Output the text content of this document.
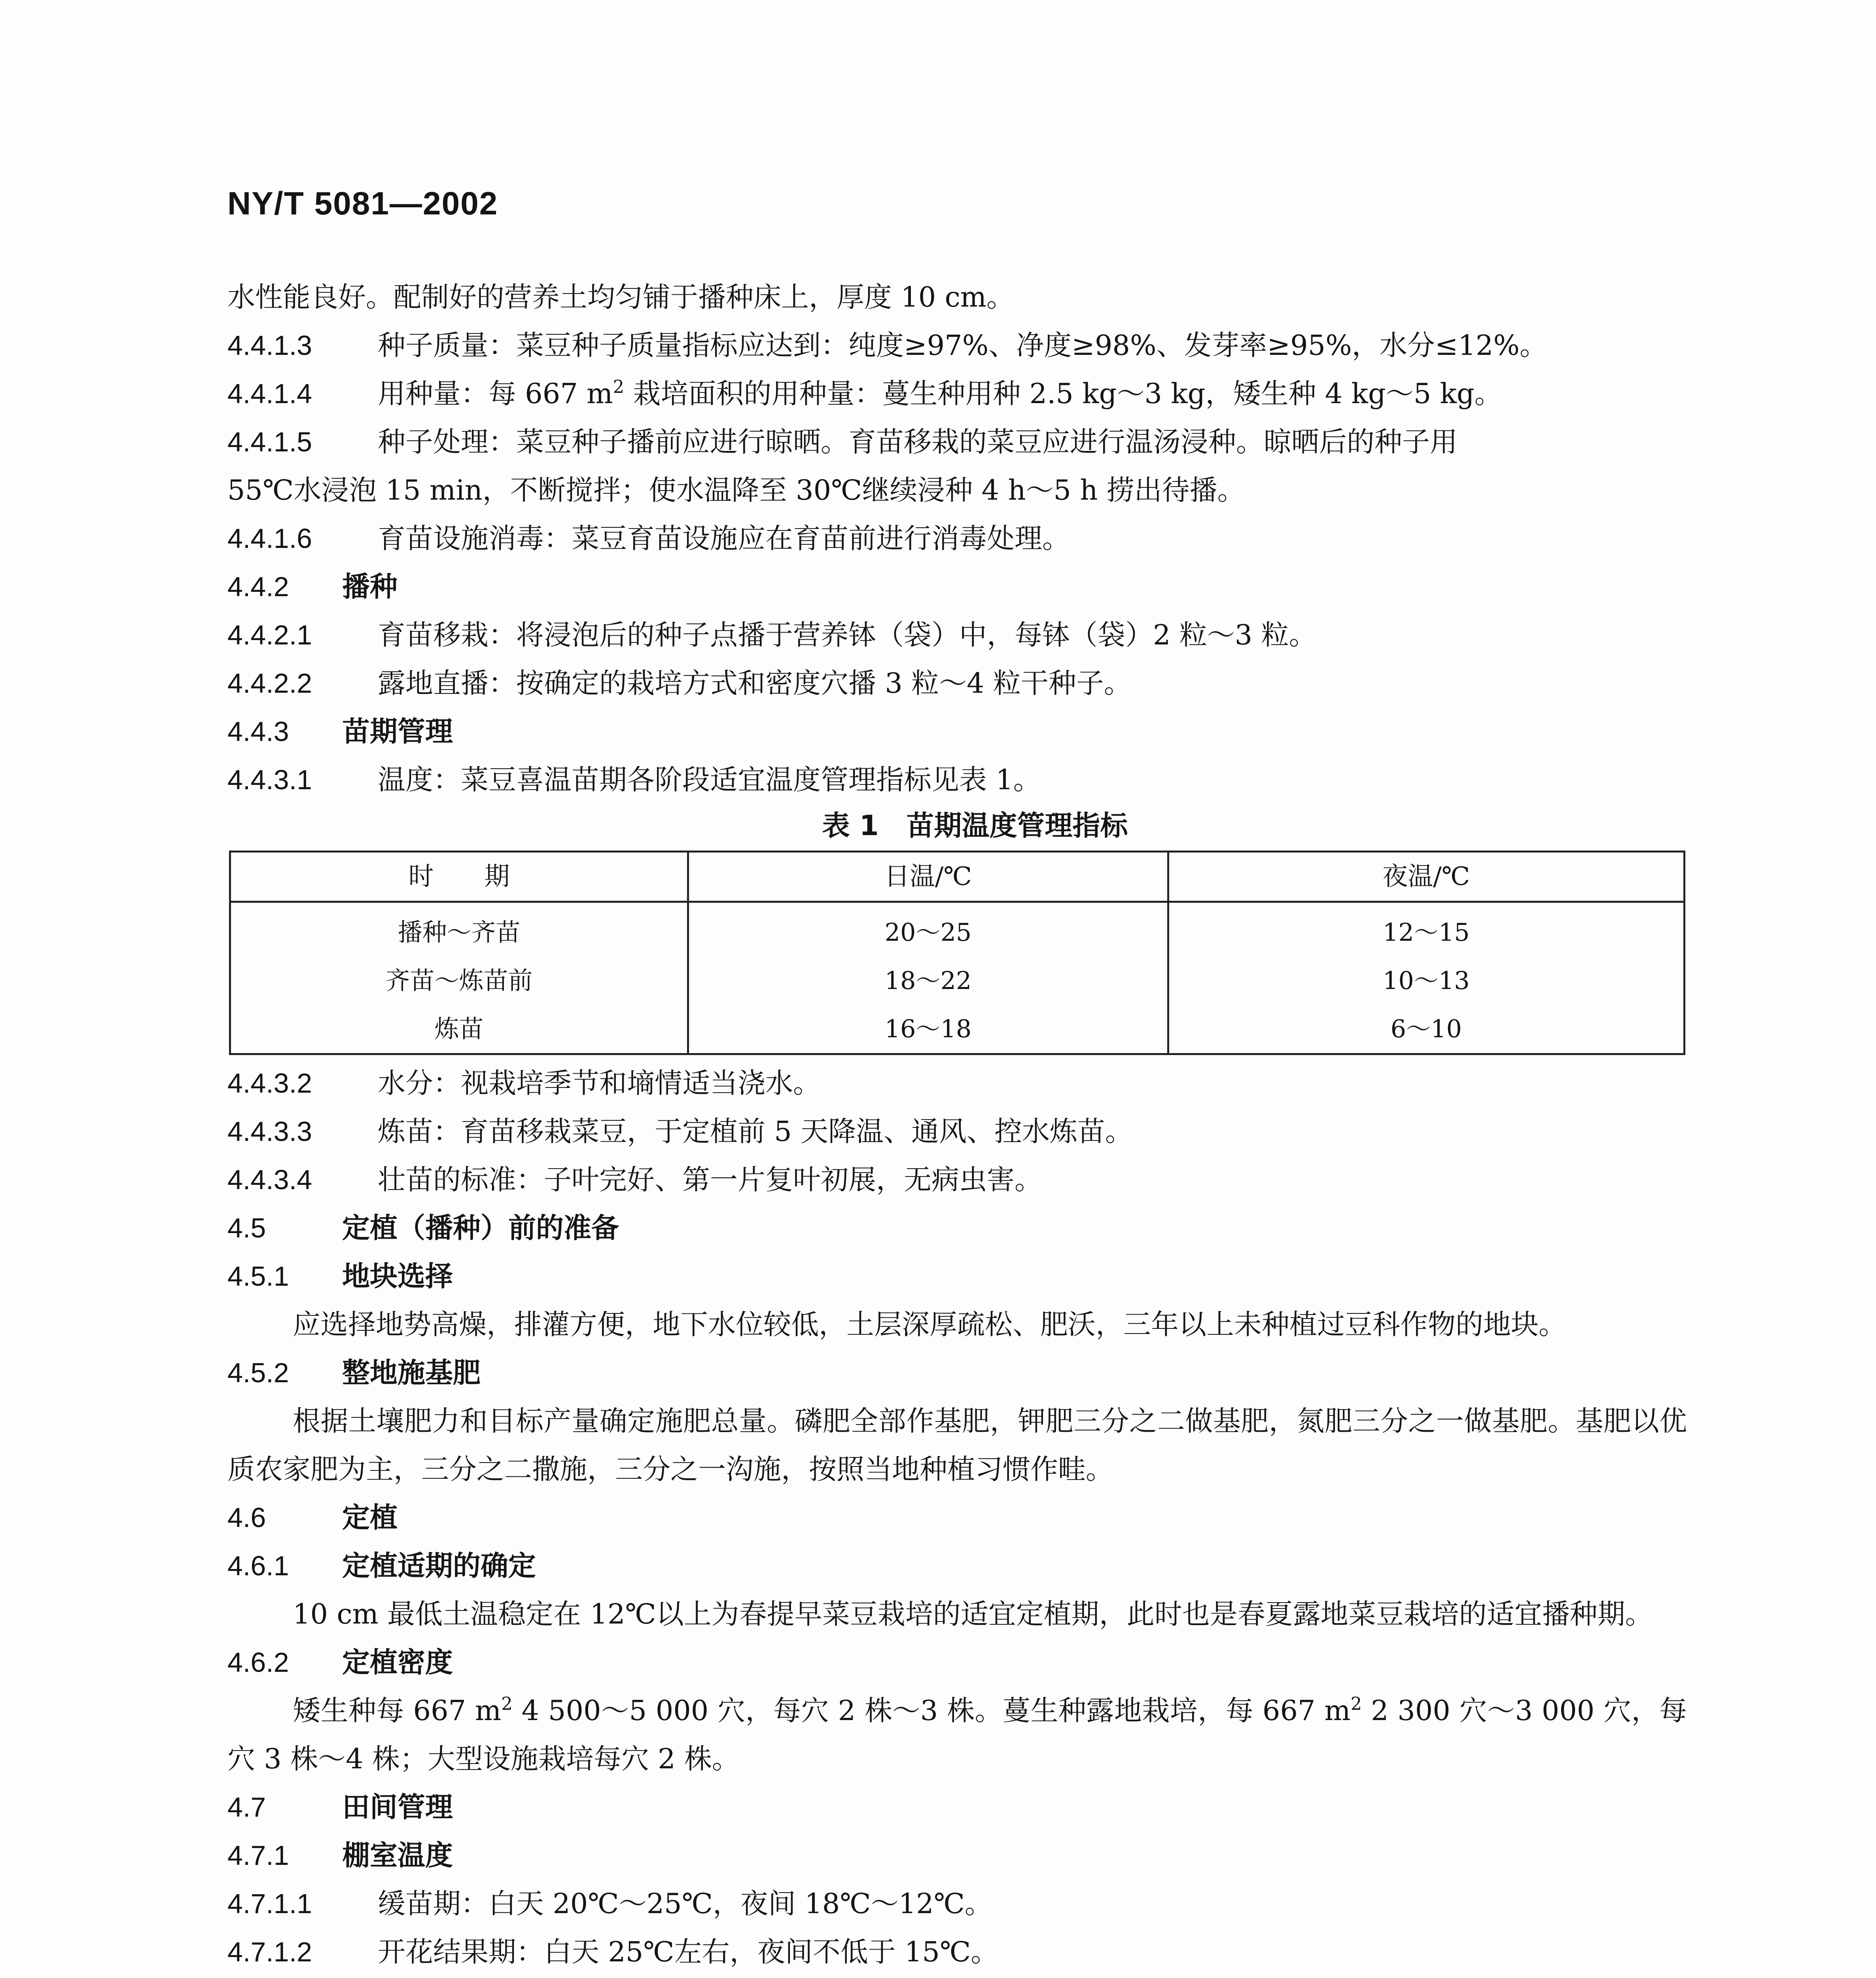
NY/T 5081—2002
水性能良好。配制好的营养土均匀铺于播种床上，厚度 10 cm。
4.4.1.3 种子质量：菜豆种子质量指标应达到：纯度≥97%、净度≥98%、发芽率≥95%，水分≤12%。
4.4.1.4 用种量：每 667 $m^2$ 栽培面积的用种量：蔓生种用种 2.5 kg～3 kg，矮生种 4 kg～5 kg。
4.4.1.5 种子处理：菜豆种子播前应进行晾晒。育苗移栽的菜豆应进行温汤浸种。晾晒后的种子用
55℃水浸泡 15 min，不断搅拌；使水温降至 30℃继续浸种 4 h～5 h 捞出待播。
4.4.1.6 育苗设施消毒：菜豆育苗设施应在育苗前进行消毒处理。
4.4.2 播种
4.4.2.1 育苗移栽：将浸泡后的种子点播于营养钵（袋）中，每钵（袋）2 粒～3 粒。
4.4.2.2 露地直播：按确定的栽培方式和密度穴播 3 粒～4 粒干种子。
4.4.3 苗期管理
4.4.3.1 温度：菜豆喜温苗期各阶段适宜温度管理指标见表 1。
表 1　苗期温度管理指标
时　　期	日温/℃	夜温/℃
播种～齐苗	20～25	12～15
齐苗～炼苗前	18～22	10～13
炼苗	16～18	6～10
4.4.3.2 水分：视栽培季节和墒情适当浇水。
4.4.3.3 炼苗：育苗移栽菜豆，于定植前 5 天降温、通风、控水炼苗。
4.4.3.4 壮苗的标准：子叶完好、第一片复叶初展，无病虫害。
4.5	定植（播种）前的准备
4.5.1 地块选择
应选择地势高燥，排灌方便，地下水位较低，土层深厚疏松、肥沃，三年以上未种植过豆科作物的地块。
4.5.2 整地施基肥
根据土壤肥力和目标产量确定施肥总量。磷肥全部作基肥，钾肥三分之二做基肥，氮肥三分之一做基肥。基肥以优质农家肥为主，三分之二撒施，三分之一沟施，按照当地种植习惯作畦。
4.6	定植
4.6.1 定植适期的确定
10 cm 最低土温稳定在 12℃以上为春提早菜豆栽培的适宜定植期，此时也是春夏露地菜豆栽培的适宜播种期。
4.6.2 定植密度
矮生种每 667 $m^2$ 4 500～5 000 穴，每穴 2 株～3 株。蔓生种露地栽培，每 667 $m^2$ 2 300 穴～3 000 穴，每穴 3 株～4 株；大型设施栽培每穴 2 株。
4.7	田间管理
4.7.1 棚室温度
4.7.1.1 缓苗期：白天 20℃～25℃，夜间 18℃～12℃。
4.7.1.2 开花结果期：白天 25℃左右，夜间不低于 15℃。
